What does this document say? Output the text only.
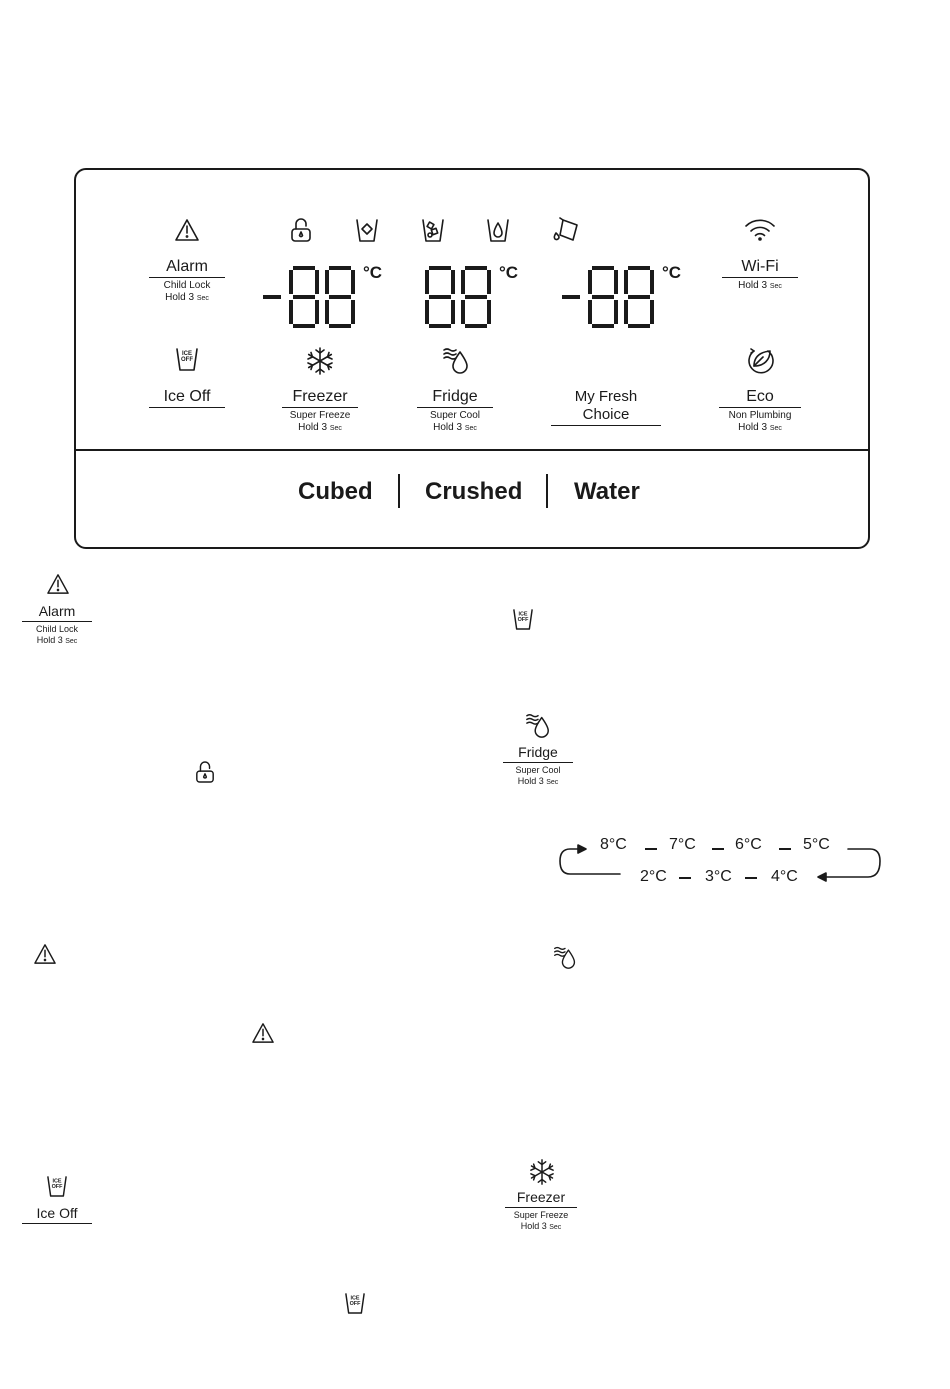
Alarm
Child Lock
Hold 3 Sec
Wi-Fi
Hold 3 Sec
°C	°C	°C
ICE
OFF
Ice Off	Freezer
Super Freeze
Hold 3 Sec
Fridge
Super Cool
Hold 3 Sec
My Fresh Choice
Eco
Non Plumbing
Hold 3 Sec
Cubed Crushed Water
Alarm
Child Lock
Hold 3 Sec
ICE
OFF
Ice Off
ICE
OFF
ICE
OFF
Fridge
Super Cool
Hold 3 Sec
8°C	7°C 6°C	5°C
2°C 3°C 4°C
Freezer
Super Freeze
Hold 3 Sec
